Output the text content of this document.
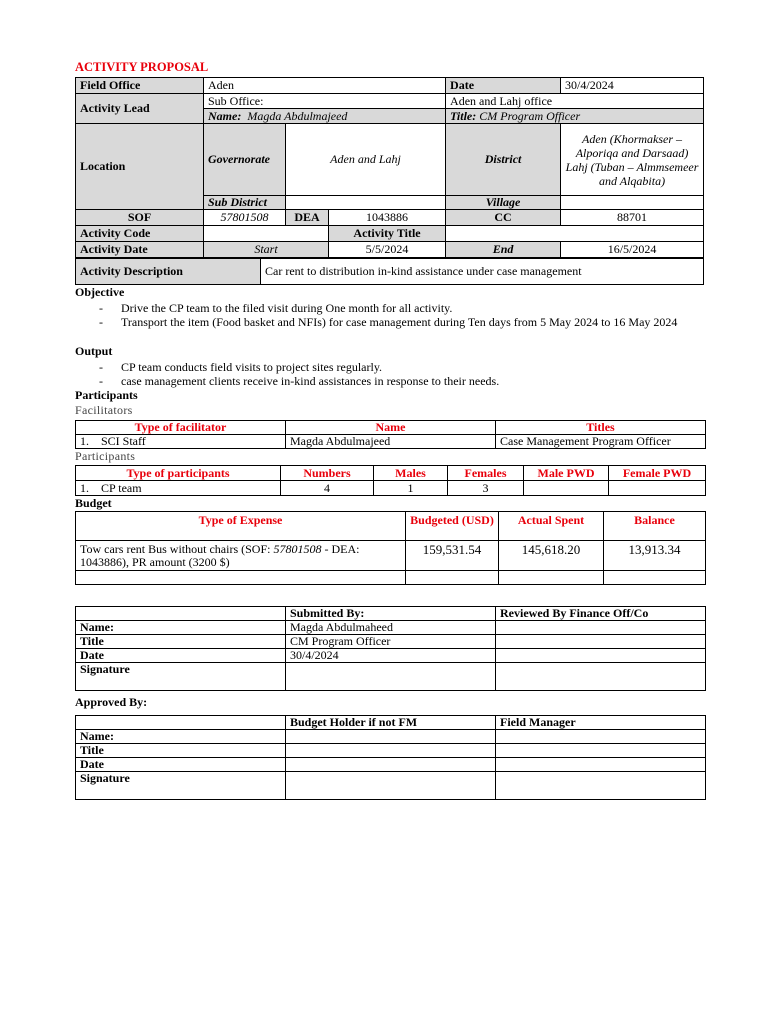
ACTIVITY PROPOSAL
Field Office	Aden			Date	30/4/2024
Activity Lead	Sub Office:			Aden and Lahj office	
	Name: Magda Abdulmajeed			Title: CM Program Officer	
Location	Governorate	Aden and Lahj		District	Aden (Khormakser – Alporiqa and Darsaad) Lahj (Tuban – Almmsemeer and Alqabita)
	Sub District			Village	
SOF	57801508	DEA	1043886	CC	88701
Activity Code			Activity Title		
Activity Date	Start		5/5/2024	End	16/5/2024
Activity Description	Car rent to distribution in-kind assistance under case management
Objective
- Drive the CP team to the filed visit during One month for all activity.
- Transport the item (Food basket and NFIs) for case management during Ten days from 5 May 2024 to 16 May 2024
Output
- CP team conducts field visits to project sites regularly.
- case management clients receive in-kind assistances in response to their needs.
Participants
Facilitators
Type of facilitator	Name	Titles
1.    SCI Staff	Magda Abdulmajeed	Case Management Program Officer
Participants
Type of participants	Numbers	Males	Females	Male PWD	Female PWD
1.    CP team	4	1	3		
Budget
Type of Expense	Budgeted (USD)	Actual Spent	Balance
Tow cars rent Bus without chairs (SOF: 57801508 - DEA: 1043886), PR amount (3200 $)	159,531.54	145,618.20	13,913.34

	Submitted By:	Reviewed By Finance Off/Co
Name:	Magda Abdulmaheed	
Title	CM Program Officer	
Date	30/4/2024	
Signature		
Approved By:
	Budget Holder if not FM	Field Manager
Name:		
Title		
Date		
Signature		
